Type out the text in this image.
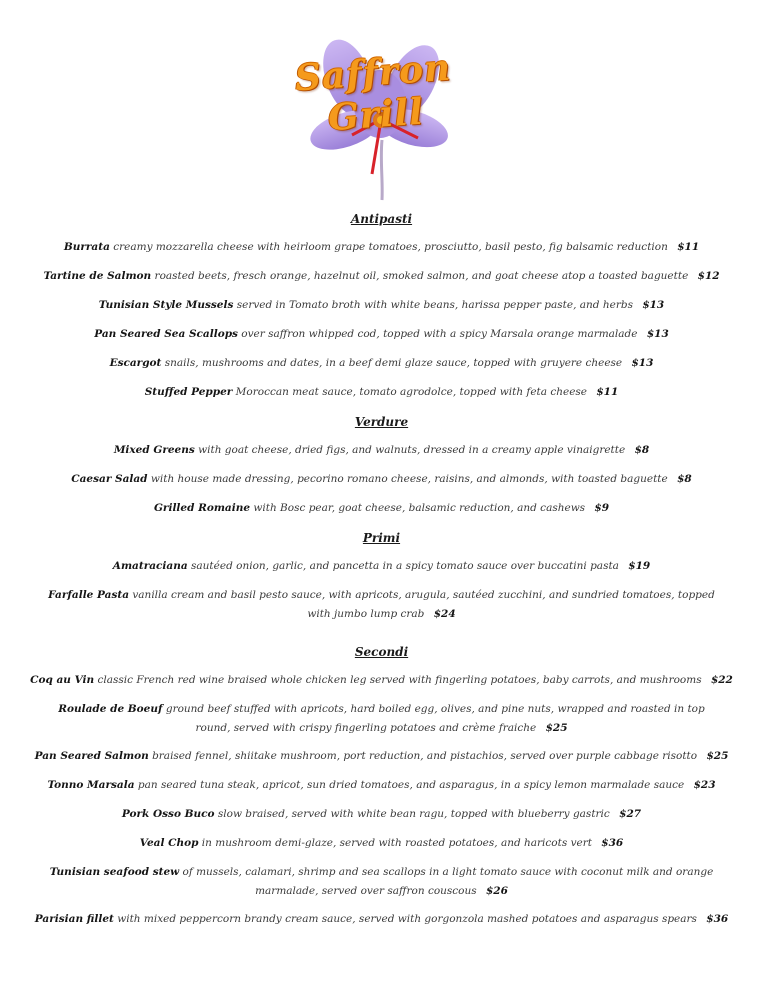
Saffron Grill
Antipasti
Burrata creamy mozzarella cheese with heirloom grape tomatoes, prosciutto, basil pesto, fig balsamic reduction $11
Tartine de Salmon roasted beets, fresch orange, hazelnut oil, smoked salmon, and goat cheese atop a toasted baguette $12
Tunisian Style Mussels served in Tomato broth with white beans, harissa pepper paste, and herbs $13
Pan Seared Sea Scallops over saffron whipped cod, topped with a spicy Marsala orange marmalade $13
Escargot snails, mushrooms and dates, in a beef demi glaze sauce, topped with gruyere cheese $13
Stuffed Pepper Moroccan meat sauce, tomato agrodolce, topped with feta cheese $11
Verdure
Mixed Greens with goat cheese, dried figs, and walnuts, dressed in a creamy apple vinaigrette $8
Caesar Salad with house made dressing, pecorino romano cheese, raisins, and almonds, with toasted baguette $8
Grilled Romaine with Bosc pear, goat cheese, balsamic reduction, and cashews $9
Primi
Amatraciana sautéed onion, garlic, and pancetta in a spicy tomato sauce over buccatini pasta $19
Farfalle Pasta vanilla cream and basil pesto sauce, with apricots, arugula, sautéed zucchini, and sundried tomatoes, topped with jumbo lump crab $24
Secondi
Coq au Vin classic French red wine braised whole chicken leg served with fingerling potatoes, baby carrots, and mushrooms $22
Roulade de Boeuf ground beef stuffed with apricots, hard boiled egg, olives, and pine nuts, wrapped and roasted in top round, served with crispy fingerling potatoes and crème fraiche $25
Pan Seared Salmon braised fennel, shiitake mushroom, port reduction, and pistachios, served over purple cabbage risotto $25
Tonno Marsala pan seared tuna steak, apricot, sun dried tomatoes, and asparagus, in a spicy lemon marmalade sauce $23
Pork Osso Buco slow braised, served with white bean ragu, topped with blueberry gastric $27
Veal Chop in mushroom demi-glaze, served with roasted potatoes, and haricots vert $36
Tunisian seafood stew of mussels, calamari, shrimp and sea scallops in a light tomato sauce with coconut milk and orange marmalade, served over saffron couscous $26
Parisian fillet with mixed peppercorn brandy cream sauce, served with gorgonzola mashed potatoes and asparagus spears $36
